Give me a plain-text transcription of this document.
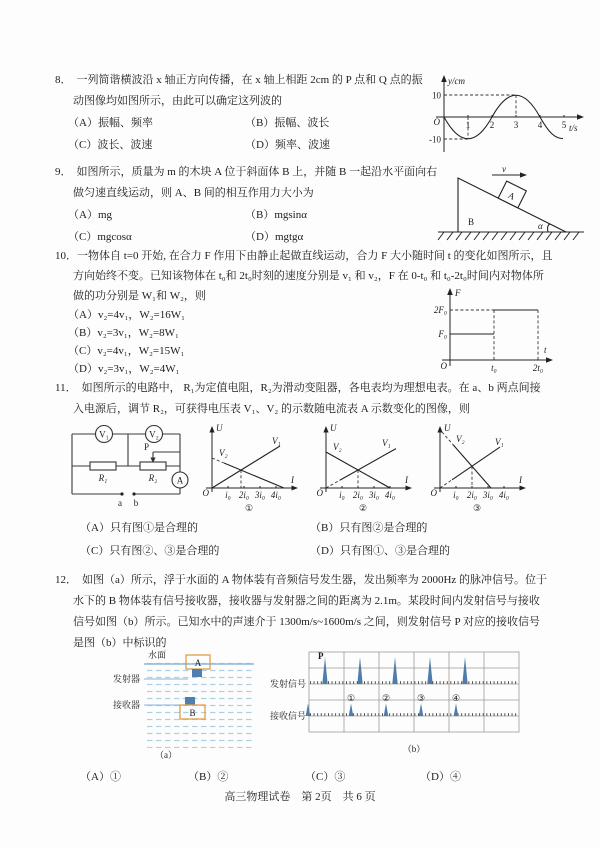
8． 一列简谐横波沿 x 轴正方向传播，在 x 轴上相距 2cm 的 P 点和 Q 点的振
动图像均如图所示，由此可以确定这列波的
（A）振幅、频率	（B）振幅、波长
（C）波长、波速	（D）频率、波速
y/cm
t/s
O
10
-10
1 2 3 4 5
9． 如图所示，质量为 m 的木块 A 位于斜面体 B 上，并随 B 一起沿水平面向右
做匀速直线运动，则 A、B 间的相互作用力大小为
（A）mg	（B）mgsinα
（C）mgcosα	（D）mgtgα
A
v
B	α
10．一物体自 t=0 开始, 在合力 F 作用下由静止起做直线运动，合力 F 大小随时间 t 的变化如图所示，且
方向始终不变。已知该物体在 t₀和 2t₀时刻的速度分别是 v₁ 和 v₂，F 在 0-t₀ 和 t₀-2t₀时间内对物体所
做的功分别是 W₁和 W₂，则
（A）v₂=4v₁，W₂=16W₁
（B）v₂=3v₁，W₂=8W₁
（C）v₂=4v₁，W₂=15W₁
（D）v₂=3v₁，W₂=4W₁
F
t
O
F₀
2F₀
t₀	2t₀
11． 如图所示的电路中， R₁为定值电阻，R₂为滑动变阻器，各电表均为理想电表。在 a、b 两点间接
入电源后，调节 R₂，可获得电压表 V₁、V₂ 的示数随电流表 A 示数变化的图像，则
V₁	V₂
A
a b
P
R₁	R₂
U
I
O
V₁
V₂
i₀ 2i₀ 3i₀ 4i₀
①
U
I
O
V₁
V₂
i₀ 2i₀ 3i₀ 4i₀
②
U
I
O
V₁
V₂
i₀ 2i₀ 3i₀ 4i₀
③
（A）只有图①是合理的	（B）只有图②是合理的
（C）只有图②、③是合理的	（D）只有图①、③是合理的
12． 如图（a）所示，浮于水面的 A 物体装有音频信号发生器，发出频率为 2000Hz 的脉冲信号。位于
水下的 B 物体装有信号接收器，接收器与发射器之间的距离为 2.1m。某段时间内发射信号与接收
信号如图（b）所示。已知水中的声速介于 1300m/s~1600m/s 之间，则发射信号 P 对应的接收信号
是图（b）中标识的
水面
A
发射器
接收器
B
（a）
P
①	②	③	④
发射信号
接收信号
（b）
（A）①	（B）②	（C）③	（D）④
高三物理试卷　第 2页　共 6 页
